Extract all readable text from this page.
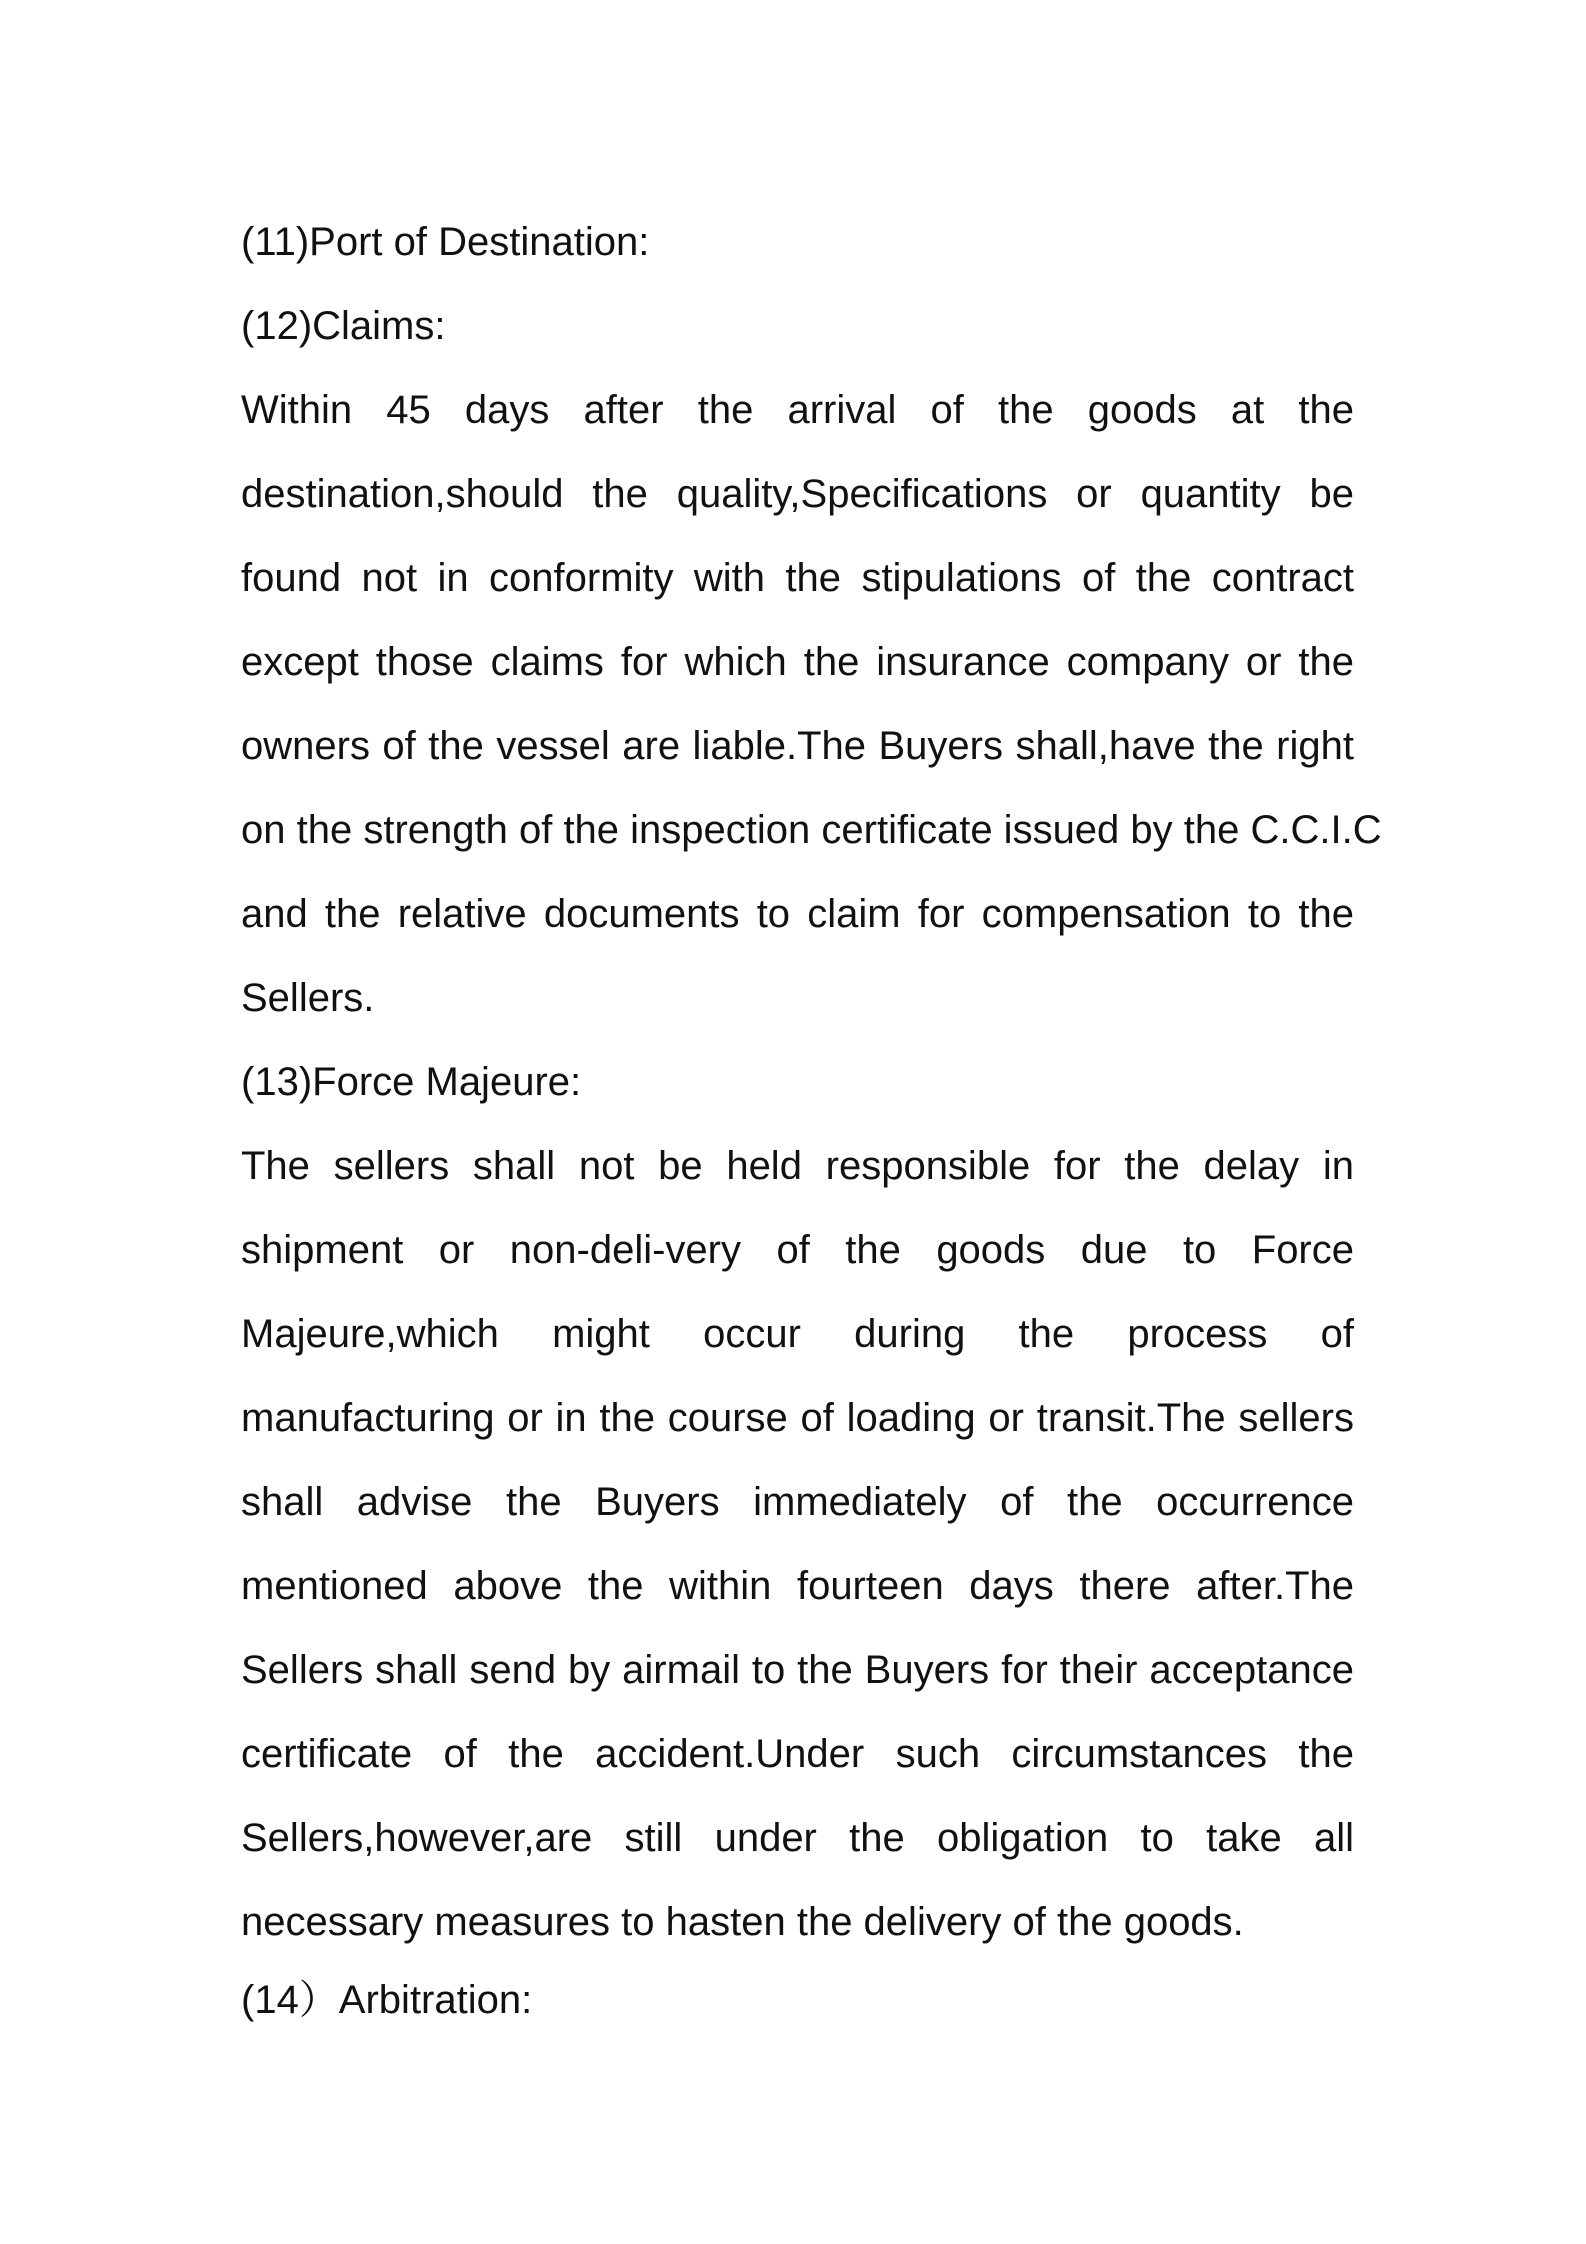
(11)Port of Destination:

(12)Claims:

Within 45 days after the arrival of the goods at the

destination,should the quality,Specifications or quantity be

found not in conformity with the stipulations of the contract

except those claims for which the insurance company or the

owners of the vessel are liable.The Buyers shall,have the right

on the strength of the inspection certificate issued by the C.C.I.C

and the relative documents to claim for compensation to the

Sellers.

(13)Force Majeure:

The sellers shall not be held responsible for the delay in

shipment or non-deli-very of the goods due to Force

Majeure,which might occur during the process of

manufacturing or in the course of loading or transit.The sellers

shall advise the Buyers immediately of the occurrence

mentioned above the within fourteen days there after.The

Sellers shall send by airmail to the Buyers for their acceptance

certificate of the accident.Under such circumstances the

Sellers,however,are still under the obligation to take all

necessary measures to hasten the delivery of the goods.

(14）Arbitration:
